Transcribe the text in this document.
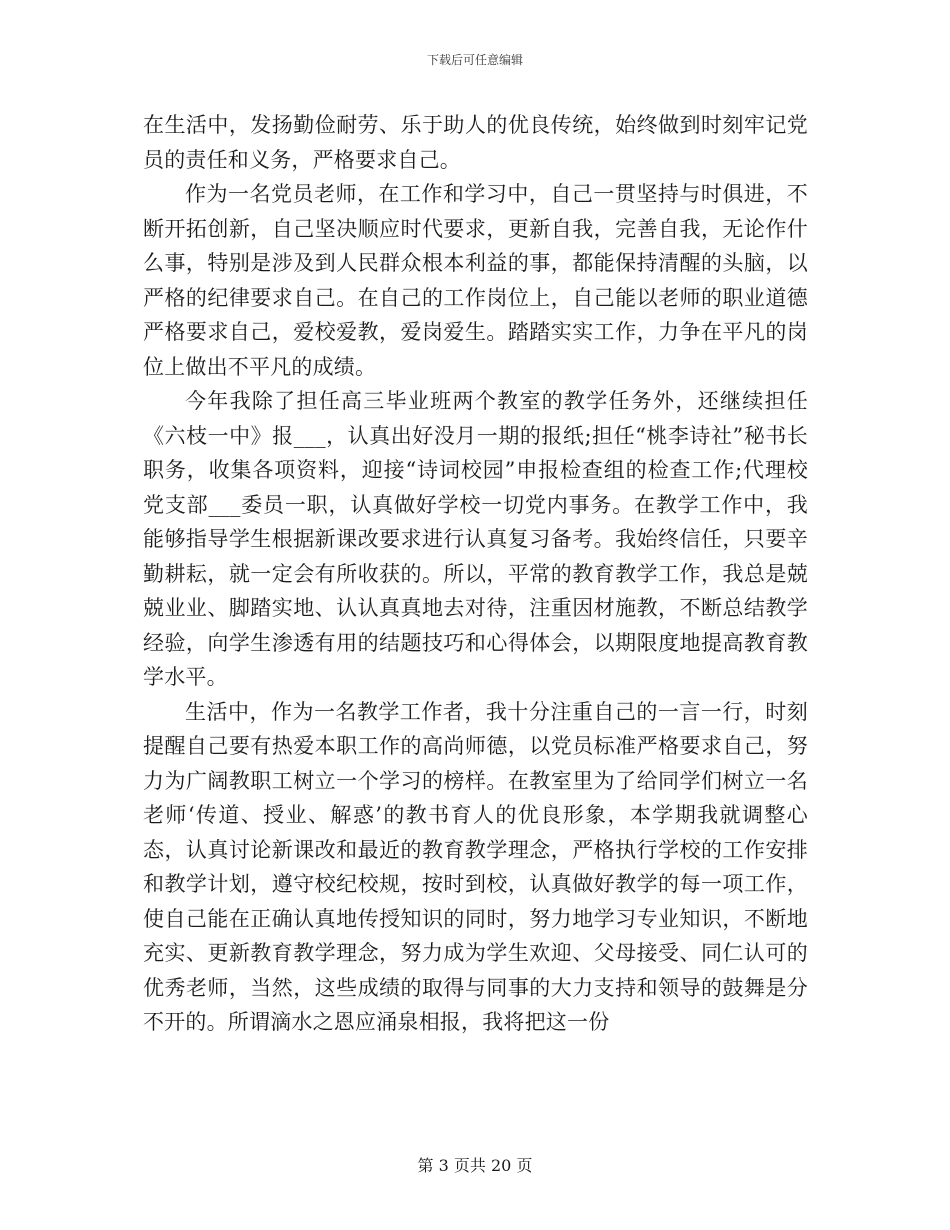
下载后可任意编辑

在生活中，发扬勤俭耐劳、乐于助人的优良传统，始终做到时刻牢记党员的责任和义务，严格要求自己。

作为一名党员老师，在工作和学习中，自己一贯坚持与时俱进，不断开拓创新，自己坚决顺应时代要求，更新自我，完善自我，无论作什么事，特别是涉及到人民群众根本利益的事，都能保持清醒的头脑，以严格的纪律要求自己。在自己的工作岗位上，自己能以老师的职业道德严格要求自己，爱校爱教，爱岗爱生。踏踏实实工作，力争在平凡的岗位上做出不平凡的成绩。

今年我除了担任高三毕业班两个教室的教学任务外，还继续担任《六枝一中》报___，认真出好没月一期的报纸;担任“桃李诗社”秘书长职务，收集各项资料，迎接“诗词校园”申报检查组的检查工作;代理校党支部___委员一职，认真做好学校一切党内事务。在教学工作中，我能够指导学生根据新课改要求进行认真复习备考。我始终信任，只要辛勤耕耘，就一定会有所收获的。所以，平常的教育教学工作，我总是兢兢业业、脚踏实地、认认真真地去对待，注重因材施教，不断总结教学经验，向学生渗透有用的结题技巧和心得体会，以期限度地提高教育教学水平。

生活中，作为一名教学工作者，我十分注重自己的一言一行，时刻提醒自己要有热爱本职工作的高尚师德，以党员标准严格要求自己，努力为广阔教职工树立一个学习的榜样。在教室里为了给同学们树立一名老师‘传道、授业、解惑’的教书育人的优良形象，本学期我就调整心态，认真讨论新课改和最近的教育教学理念，严格执行学校的工作安排和教学计划，遵守校纪校规，按时到校，认真做好教学的每一项工作，使自己能在正确认真地传授知识的同时，努力地学习专业知识，不断地充实、更新教育教学理念，努力成为学生欢迎、父母接受、同仁认可的优秀老师，当然，这些成绩的取得与同事的大力支持和领导的鼓舞是分不开的。所谓滴水之恩应涌泉相报，我将把这一份

第 3 页共 20 页
